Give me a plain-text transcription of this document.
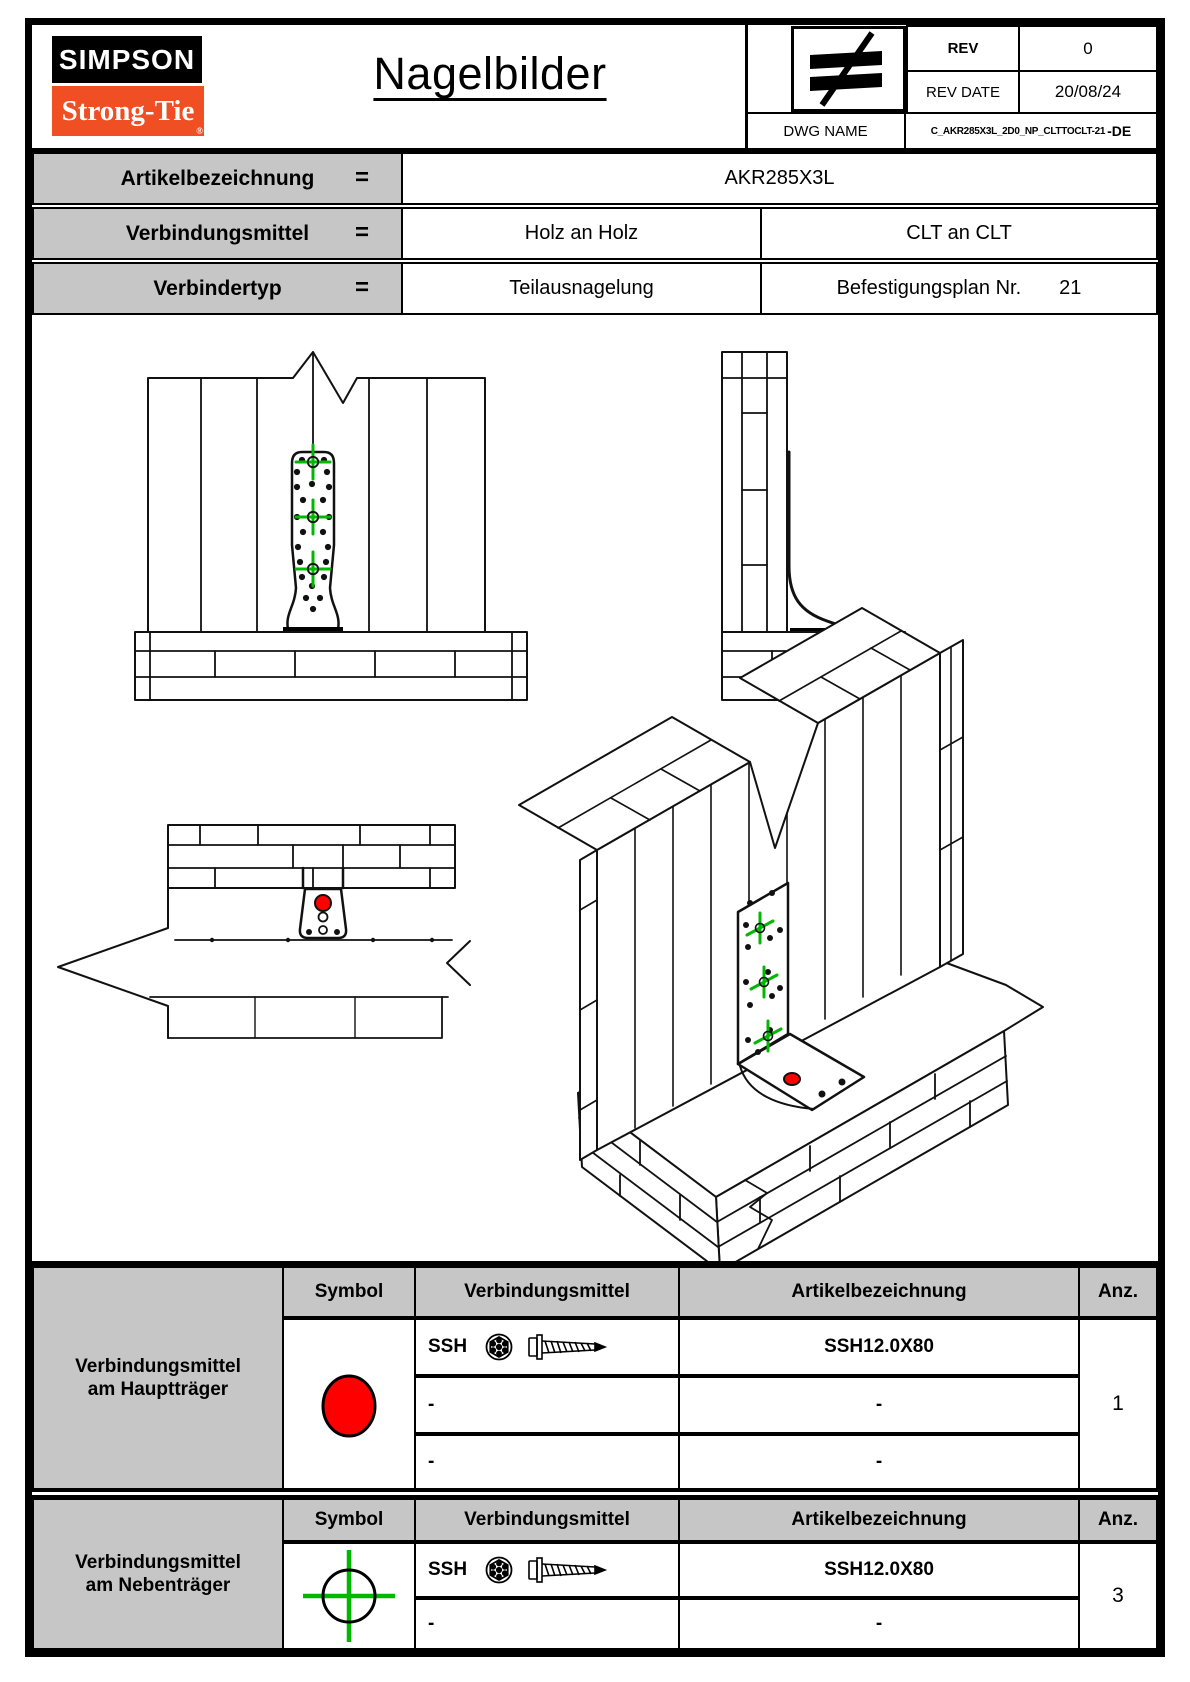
SIMPSON
Strong-Tie
®
Nagelbilder	REV	0
REV DATE	20/08/24
DWG NAME	C_AKR285X3L_2D0_NP_CLTTOCLT-21 -DE
Artikelbezeichnung =	AKR285X3L
Verbindungsmittel =	Holz an Holz	CLT an CLT
Verbindertyp	=	Teilausnagelung	Befestigungsplan Nr. 21
Verbindungsmittel
am Hauptträger
Symbol	Verbindungsmittel	Artikelbezeichnung	Anz.
SSH	SSH12.0X80
-	-
-	-
1
Verbindungsmittel
am Nebenträger
Symbol	Verbindungsmittel	Artikelbezeichnung	Anz.
SSH	SSH12.0X80
-	-
3
